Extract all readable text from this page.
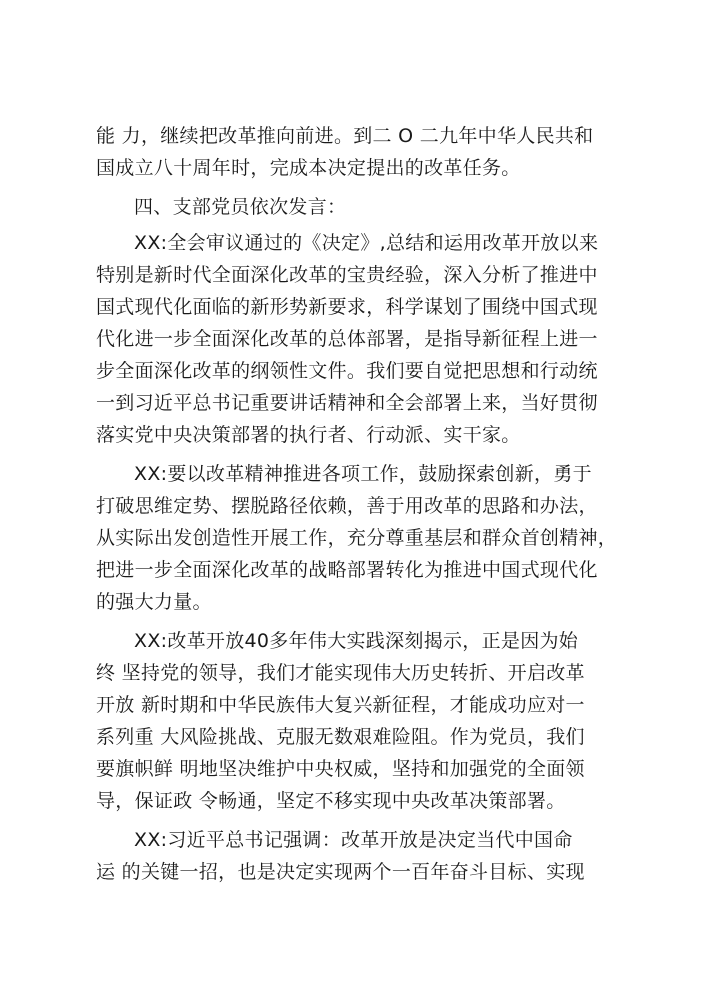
能 力，继续把改革推向前进。到二 O 二九年中华人民共和
国成立八十周年时，完成本决定提出的改革任务。
四、支部党员依次发言：
XX:全会审议通过的《决定》,总结和运用改革开放以来
特别是新时代全面深化改革的宝贵经验，深入分析了推进中
国式现代化面临的新形势新要求，科学谋划了围绕中国式现
代化进一步全面深化改革的总体部署，是指导新征程上进一
步全面深化改革的纲领性文件。我们要自觉把思想和行动统
一到习近平总书记重要讲话精神和全会部署上来，当好贯彻
落实党中央决策部署的执行者、行动派、实干家。
XX:要以改革精神推进各项工作，鼓励探索创新，勇于
打破思维定势、摆脱路径依赖，善于用改革的思路和办法，
从实际出发创造性开展工作，充分尊重基层和群众首创精神，
把进一步全面深化改革的战略部署转化为推进中国式现代化
的强大力量。
XX:改革开放40多年伟大实践深刻揭示，正是因为始
终 坚持党的领导，我们才能实现伟大历史转折、开启改革
开放 新时期和中华民族伟大复兴新征程，才能成功应对一
系列重 大风险挑战、克服无数艰难险阻。作为党员，我们
要旗帜鲜 明地坚决维护中央权威，坚持和加强党的全面领
导，保证政 令畅通，坚定不移实现中央改革决策部署。
XX:习近平总书记强调：改革开放是决定当代中国命
运 的关键一招，也是决定实现两个一百年奋斗目标、实现
